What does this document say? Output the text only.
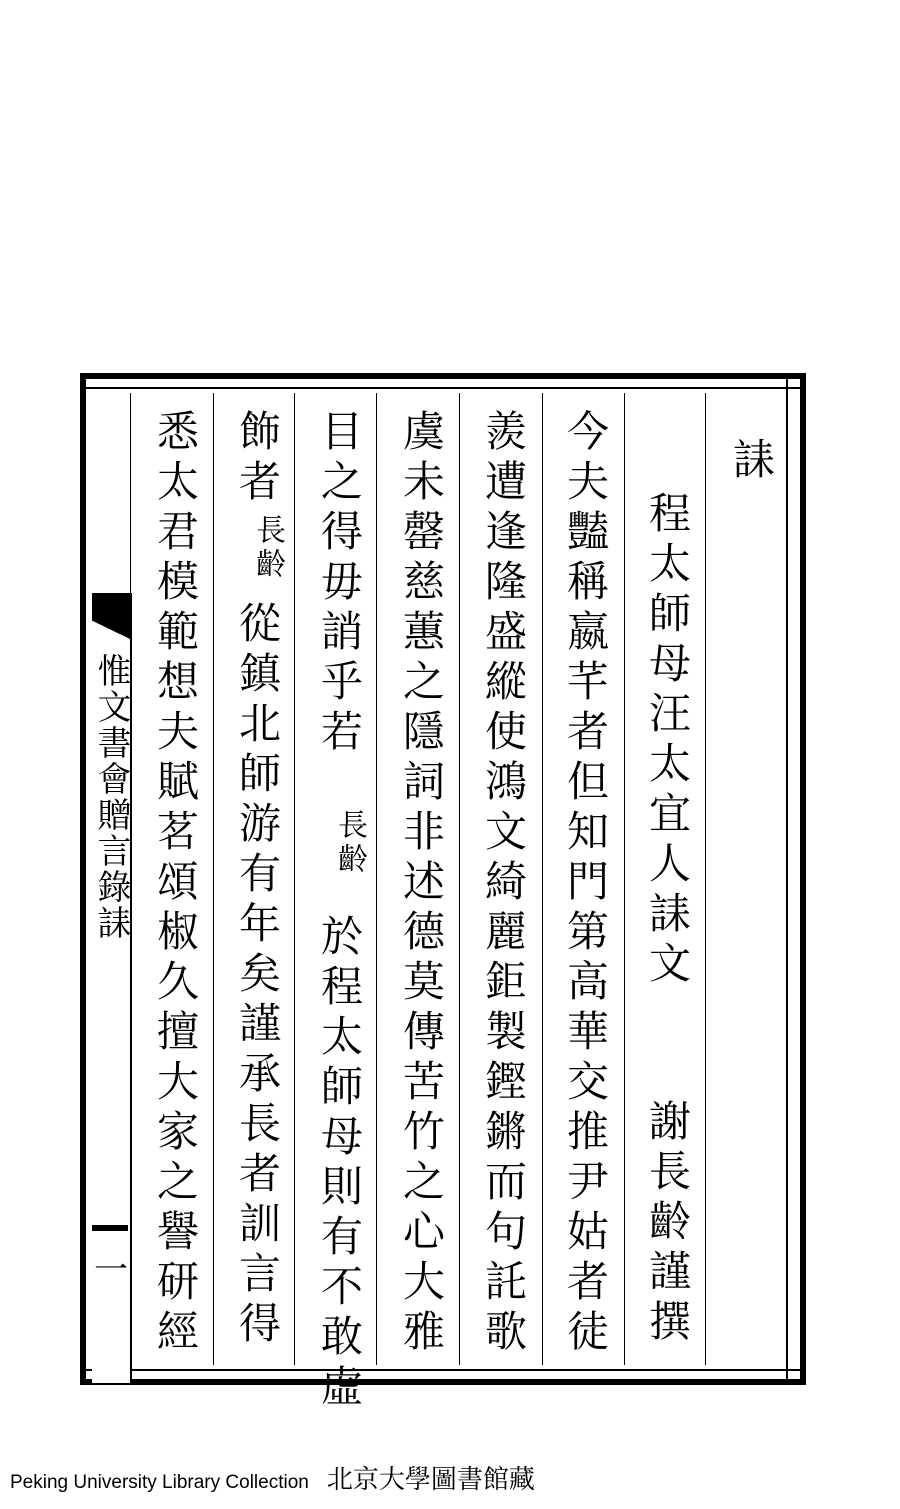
惟文書會贈言錄誄
一
誄
程太師母汪太宜人誄文
謝長齡謹撰
今夫豔稱嬴芊者但知門第高華交推尹姑者徒
羨遭逢隆盛縱使鴻文綺麗鉅製鏗鏘而句託歌
虞未罄慈蕙之隱詞非述德莫傳苦竹之心大雅
目之得毋誚乎若
長齡
於程太師母則有不敢虛
飾者
長齡
從鎮北師游有年矣謹承長者訓言得
悉太君模範想夫賦茗頌椒久擅大家之譽研經
Peking University Library Collection 北京大學圖書館藏
